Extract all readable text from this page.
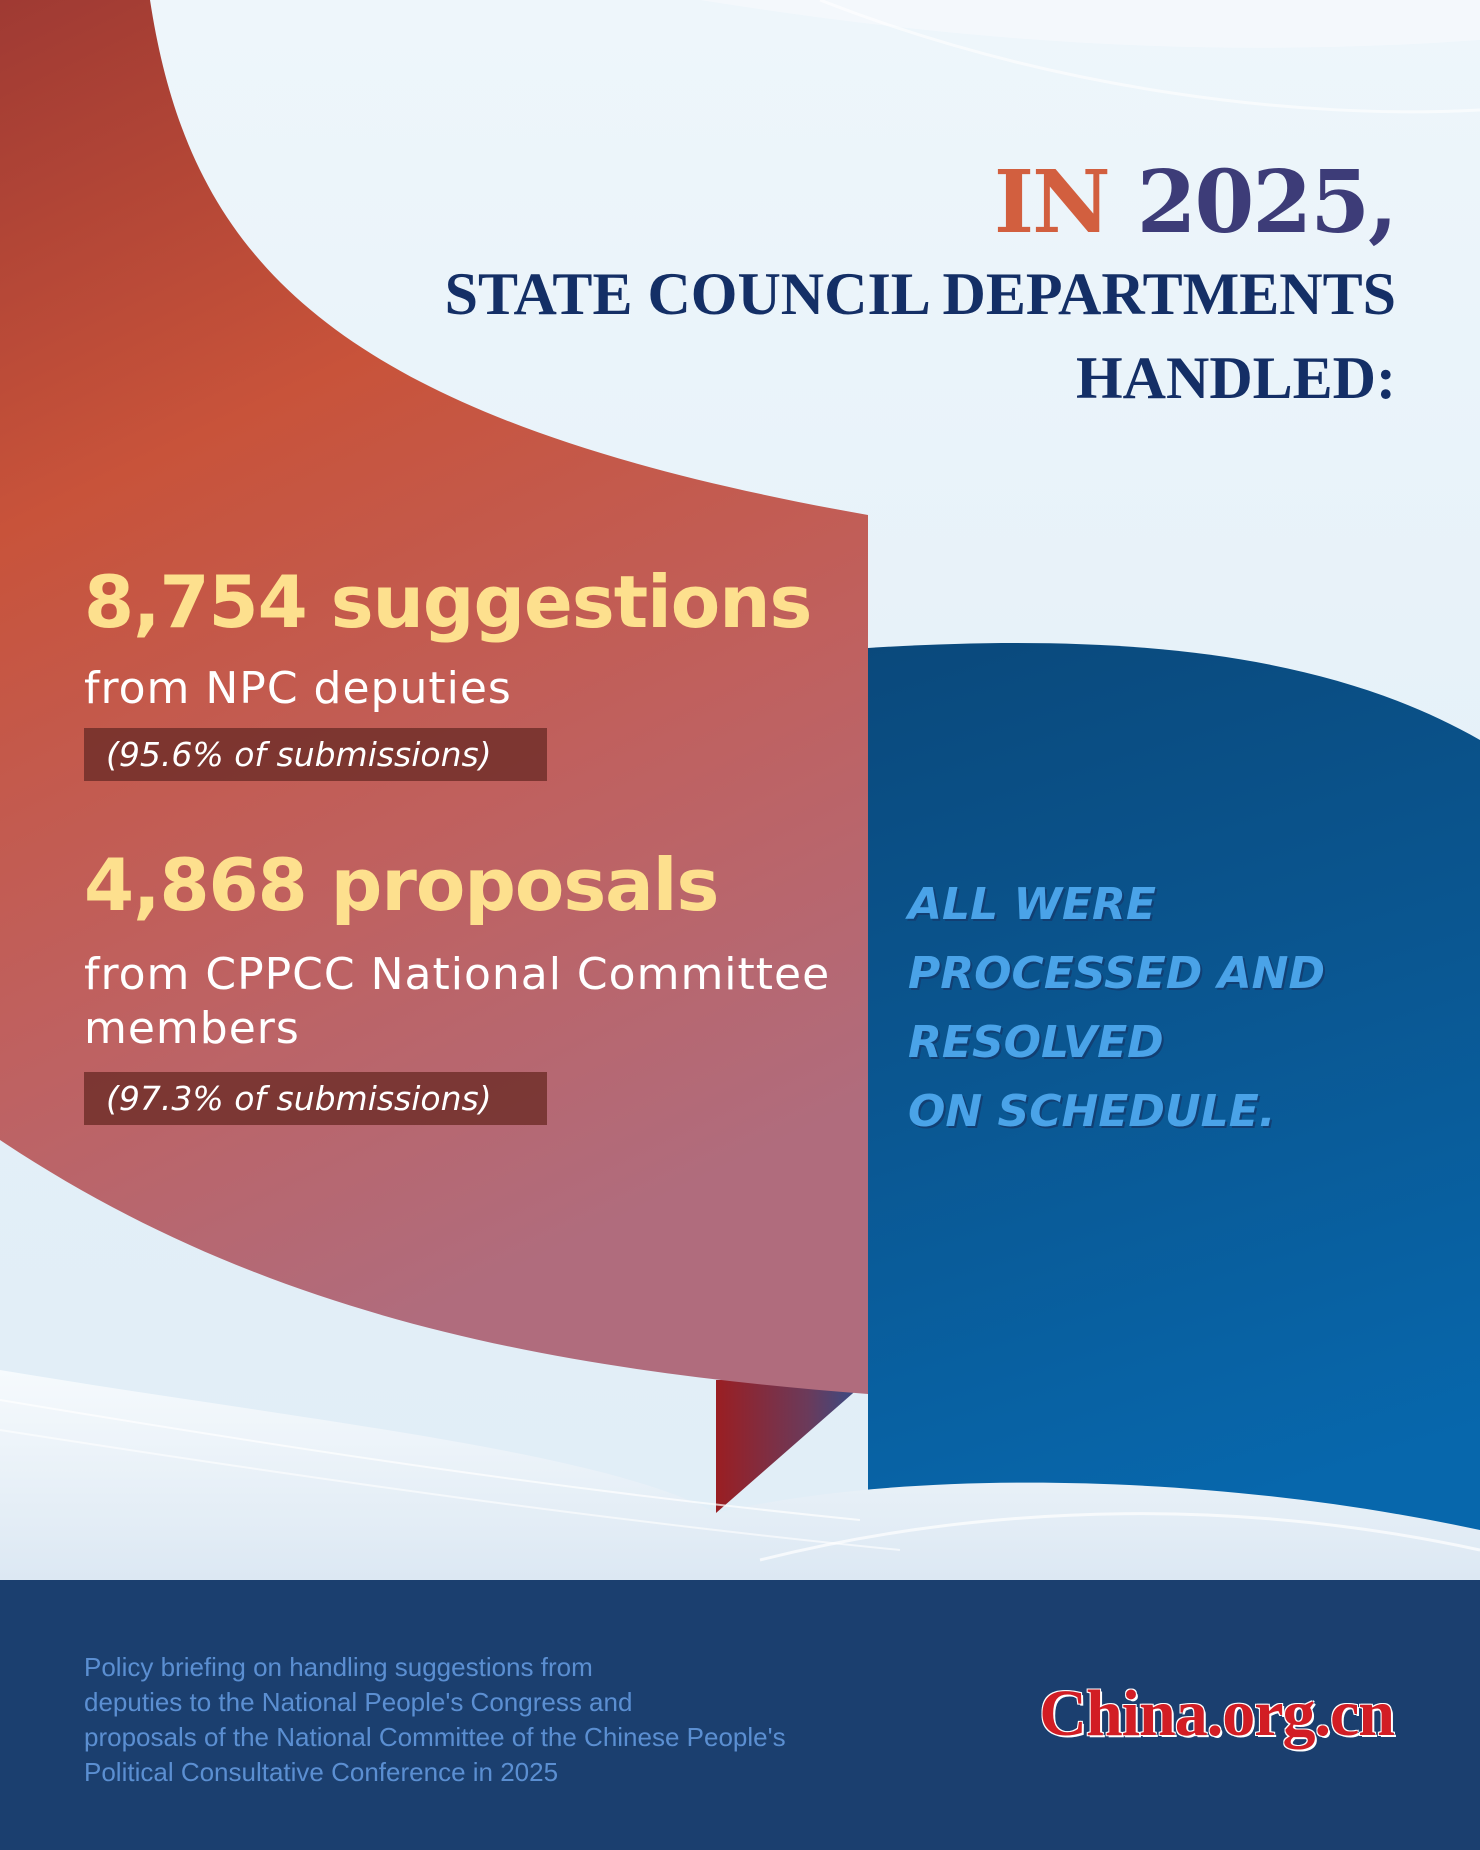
IN 2025,
STATE COUNCIL DEPARTMENTS
HANDLED:
8,754 suggestions
from NPC deputies
(95.6% of submissions)
4,868 proposals
from CPPCC National Committee
members
(97.3% of submissions)
ALL WERE
PROCESSED AND
RESOLVED
ON SCHEDULE.
Policy briefing on handling suggestions from
deputies to the National People's Congress and
proposals of the National Committee of the Chinese People's
Political Consultative Conference in 2025
China.org.cn
